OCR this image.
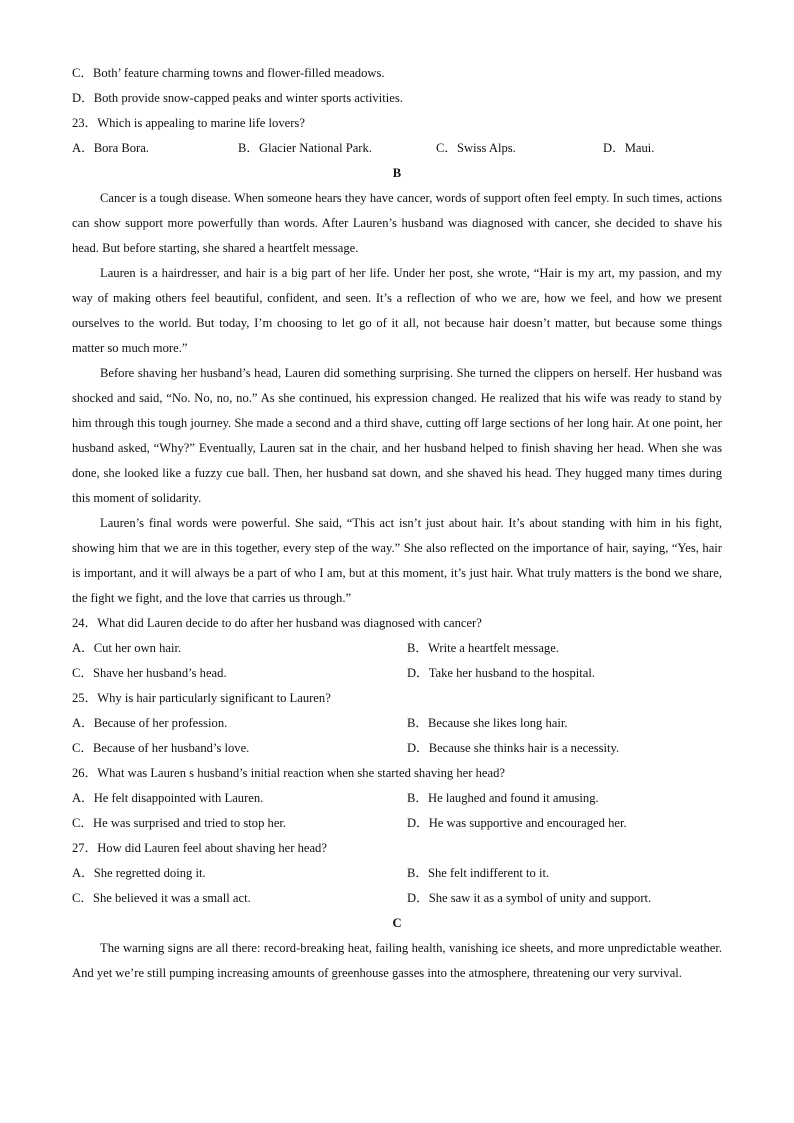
C．Both’ feature charming towns and flower-filled meadows.
D．Both provide snow-capped peaks and winter sports activities.
23．Which is appealing to marine life lovers?
A．Bora Bora.	B．Glacier National Park.	C．Swiss Alps.	D．Maui.
B

Cancer is a tough disease. When someone hears they have cancer, words of support often feel empty. In such times, actions can show support more powerfully than words. After Lauren’s husband was diagnosed with cancer, she decided to shave his head. But before starting, she shared a heartfelt message.

Lauren is a hairdresser, and hair is a big part of her life. Under her post, she wrote, “Hair is my art, my passion, and my way of making others feel beautiful, confident, and seen. It’s a reflection of who we are, how we feel, and how we present ourselves to the world. But today, I’m choosing to let go of it all, not because hair doesn’t matter, but because some things matter so much more.”

Before shaving her husband’s head, Lauren did something surprising. She turned the clippers on herself. Her husband was shocked and said, “No. No, no, no.” As she continued, his expression changed. He realized that his wife was ready to stand by him through this tough journey. She made a second and a third shave, cutting off large sections of her long hair. At one point, her husband asked, “Why?” Eventually, Lauren sat in the chair, and her husband helped to finish shaving her head. When she was done, she looked like a fuzzy cue ball. Then, her husband sat down, and she shaved his head. They hugged many times during this moment of solidarity.

Lauren’s final words were powerful. She said, “This act isn’t just about hair. It’s about standing with him in his fight, showing him that we are in this together, every step of the way.” She also reflected on the importance of hair, saying, “Yes, hair is important, and it will always be a part of who I am, but at this moment, it’s just hair. What truly matters is the bond we share, the fight we fight, and the love that carries us through.”

24．What did Lauren decide to do after her husband was diagnosed with cancer?
A．Cut her own hair.	B．Write a heartfelt message.
C．Shave her husband’s head.	D．Take her husband to the hospital.
25．Why is hair particularly significant to Lauren?
A．Because of her profession.	B．Because she likes long hair.
C．Because of her husband’s love.	D．Because she thinks hair is a necessity.
26．What was Lauren s husband’s initial reaction when she started shaving her head?
A．He felt disappointed with Lauren.	B．He laughed and found it amusing.
C．He was surprised and tried to stop her.	D．He was supportive and encouraged her.
27．How did Lauren feel about shaving her head?
A．She regretted doing it.	B．She felt indifferent to it.
C．She believed it was a small act.	D．She saw it as a symbol of unity and support.
C

The warning signs are all there: record-breaking heat, failing health, vanishing ice sheets, and more unpredictable weather. And yet we’re still pumping increasing amounts of greenhouse gasses into the atmosphere, threatening our very survival.
